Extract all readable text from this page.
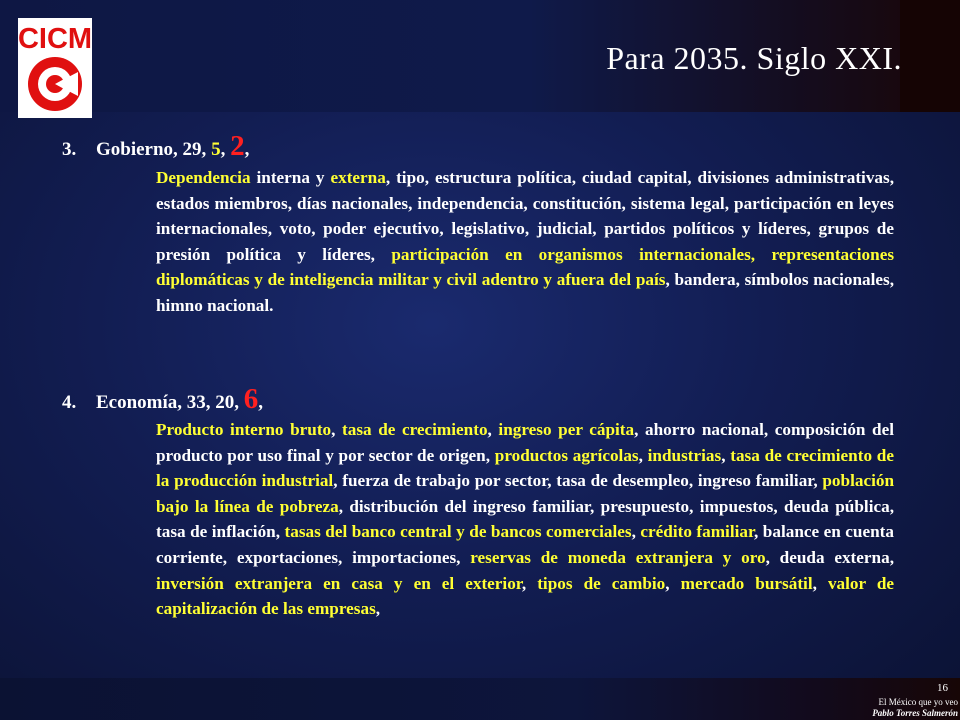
CICM
Para 2035. Siglo XXI.
3. Gobierno, 29, 5, 2,
Dependencia interna y externa, tipo, estructura política, ciudad capital, divisiones administrativas, estados miembros, días nacionales, independencia, constitución, sistema legal, participación en leyes internacionales, voto, poder ejecutivo, legislativo, judicial, partidos políticos y líderes, grupos de presión política y líderes, participación en organismos internacionales, representaciones diplomáticas y de inteligencia militar y civil adentro y afuera del país, bandera, símbolos nacionales, himno nacional.
4. Economía, 33, 20, 6,
Producto interno bruto, tasa de crecimiento, ingreso per cápita, ahorro nacional, composición del producto por uso final y por sector de origen, productos agrícolas, industrias, tasa de crecimiento de la producción industrial, fuerza de trabajo por sector, tasa de desempleo, ingreso familiar, población bajo la línea de pobreza, distribución del ingreso familiar, presupuesto, impuestos, deuda pública, tasa de inflación, tasas del banco central y de bancos comerciales, crédito familiar, balance en cuenta corriente, exportaciones, importaciones, reservas de moneda extranjera y oro, deuda externa, inversión extranjera en casa y en el exterior, tipos de cambio, mercado bursátil, valor de capitalización de las empresas,
16
El México que yo veo
Pablo Torres Salmerón
